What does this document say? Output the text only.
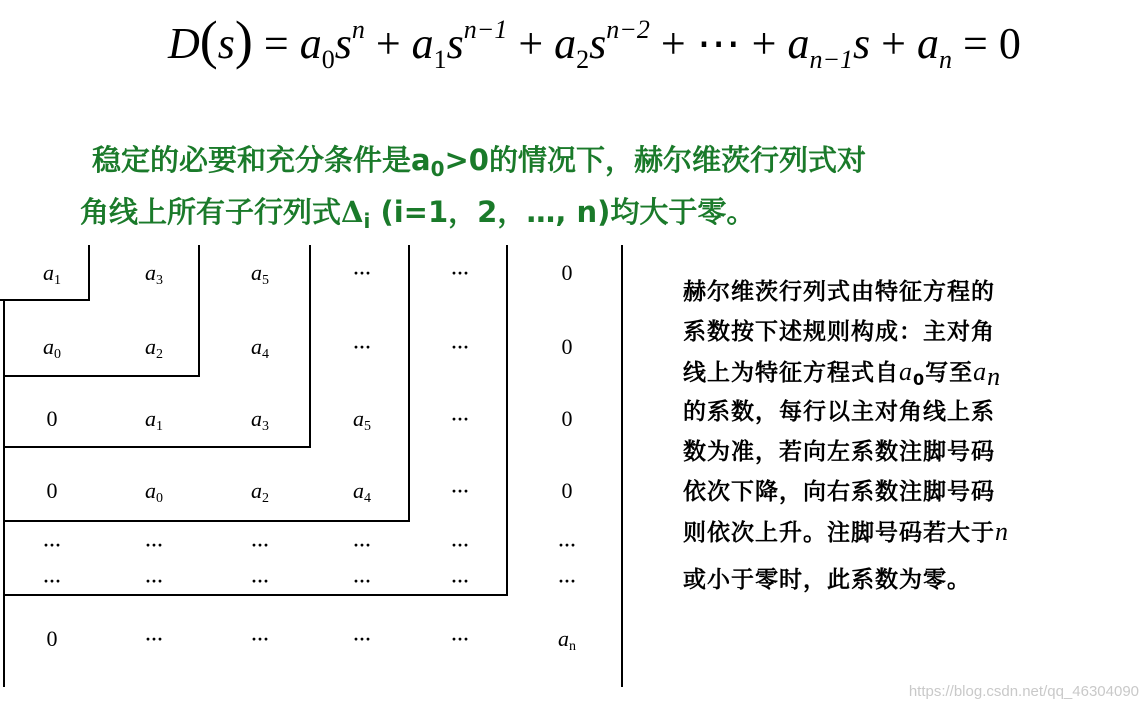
$D(s) = a_0s^n + a_1s^{n-1} + a_2s^{n-2}$ + ⋯ + $a_{n-1}s + a_n = 0$
稳定的必要和充分条件是$a_0>0$的情况下，赫尔维茨行列式对
角线上所有子行列式$\Delta_i$ (i=1，2，…, n)均大于零。
$a_1$	$a_3$	$a_5$	···	···	0
$a_0$	$a_2$	$a_4$	···	···	0
0	$a_1$	$a_3$	$a_5$	···	0
0	$a_0$	$a_2$	$a_4$	···	0
···	···	···	···	···	···
···	···	···	···	···	···
0	···	···	···	···	$a_n$
赫尔维茨行列式由特征方程的
系数按下述规则构成：主对角
线上为特征方程式自$a_0$写至$a_n$
的系数，每行以主对角线上系
数为准，若向左系数注脚号码
依次下降，向右系数注脚号码
则依次上升。注脚号码若大于n
或小于零时，此系数为零。
https://blog.csdn.net/qq_46304090
